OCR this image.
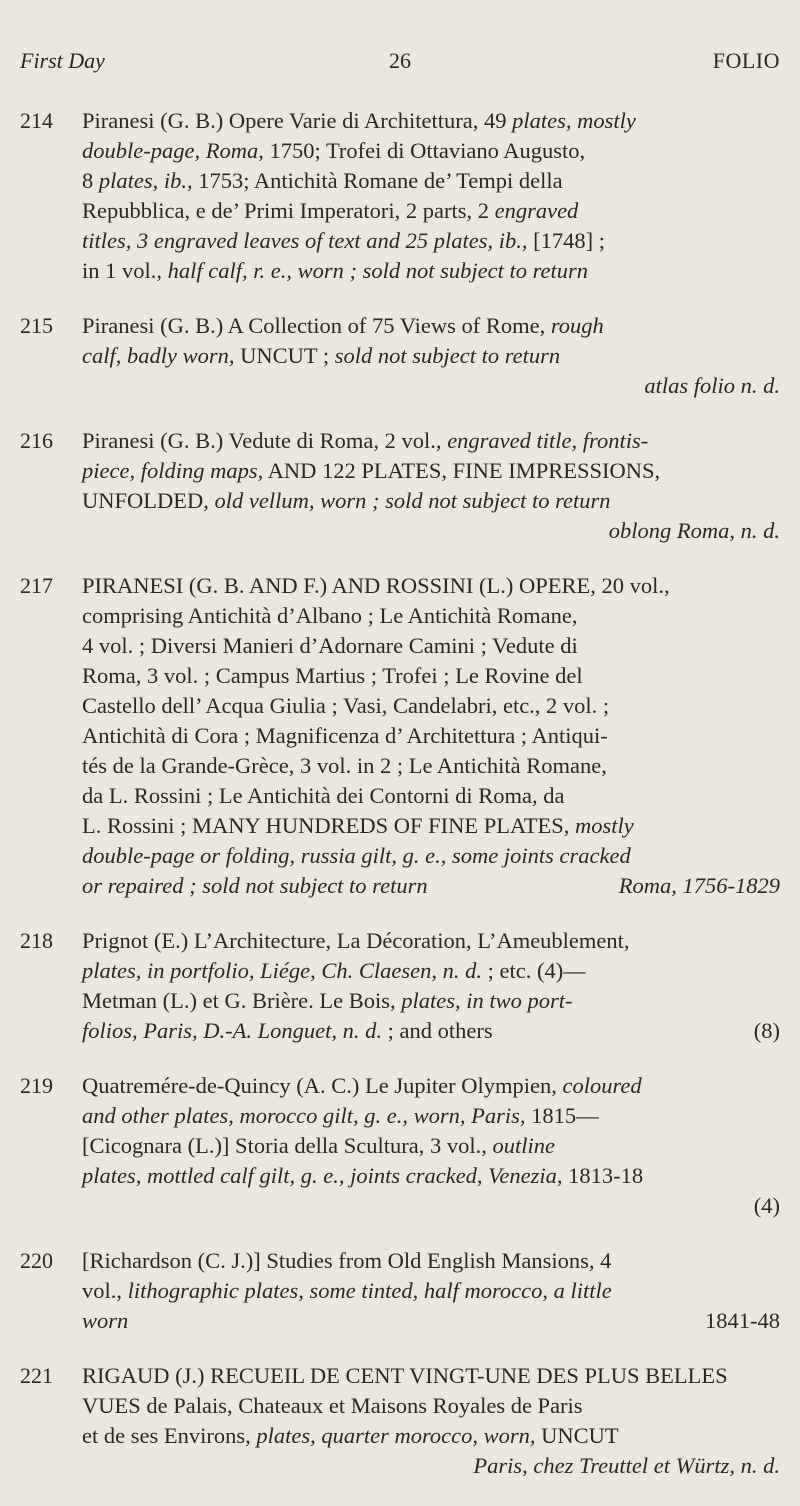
First Day	26	FOLIO
214	Piranesi (G. B.) Opere Varie di Architettura, 49 plates, mostly
double-page, Roma, 1750; Trofei di Ottaviano Augusto,
8 plates, ib., 1753; Antichità Romane de’ Tempi della
Repubblica, e de’ Primi Imperatori, 2 parts, 2 engraved
titles, 3 engraved leaves of text and 25 plates, ib., [1748] ;
in 1 vol., half calf, r. e., worn ; sold not subject to return
215	Piranesi (G. B.) A Collection of 75 Views of Rome, rough
calf, badly worn, UNCUT ; sold not subject to return
atlas folio n. d.
216	Piranesi (G. B.) Vedute di Roma, 2 vol., engraved title, frontis-
piece, folding maps, AND 122 PLATES, FINE IMPRESSIONS,
UNFOLDED, old vellum, worn ; sold not subject to return
oblong Roma, n. d.
217	PIRANESI (G. B. AND F.) AND ROSSINI (L.) OPERE, 20 vol.,
comprising Antichità d’Albano ; Le Antichità Romane,
4 vol. ; Diversi Manieri d’Adornare Camini ; Vedute di
Roma, 3 vol. ; Campus Martius ; Trofei ; Le Rovine del
Castello dell’ Acqua Giulia ; Vasi, Candelabri, etc., 2 vol. ;
Antichità di Cora ; Magnificenza d’ Architettura ; Antiqui-
tés de la Grande-Grèce, 3 vol. in 2 ; Le Antichità Romane,
da L. Rossini ; Le Antichità dei Contorni di Roma, da
L. Rossini ; MANY HUNDREDS OF FINE PLATES, mostly
double-page or folding, russia gilt, g. e., some joints cracked
or repaired ; sold not subject to return	Roma, 1756-1829
218	Prignot (E.) L’Architecture, La Décoration, L’Ameublement,
plates, in portfolio, Liége, Ch. Claesen, n. d. ; etc. (4)—
Metman (L.) et G. Brière. Le Bois, plates, in two port-
folios, Paris, D.-A. Longuet, n. d. ; and others	(8)
219	Quatremére-de-Quincy (A. C.) Le Jupiter Olympien, coloured
and other plates, morocco gilt, g. e., worn, Paris, 1815—
[Cicognara (L.)] Storia della Scultura, 3 vol., outline
plates, mottled calf gilt, g. e., joints cracked, Venezia, 1813-18
(4)
220	[Richardson (C. J.)] Studies from Old English Mansions, 4
vol., lithographic plates, some tinted, half morocco, a little
worn	1841-48
221	RIGAUD (J.) RECUEIL DE CENT VINGT-UNE DES PLUS BELLES
VUES de Palais, Chateaux et Maisons Royales de Paris
et de ses Environs, plates, quarter morocco, worn, UNCUT
Paris, chez Treuttel et Würtz, n. d.
